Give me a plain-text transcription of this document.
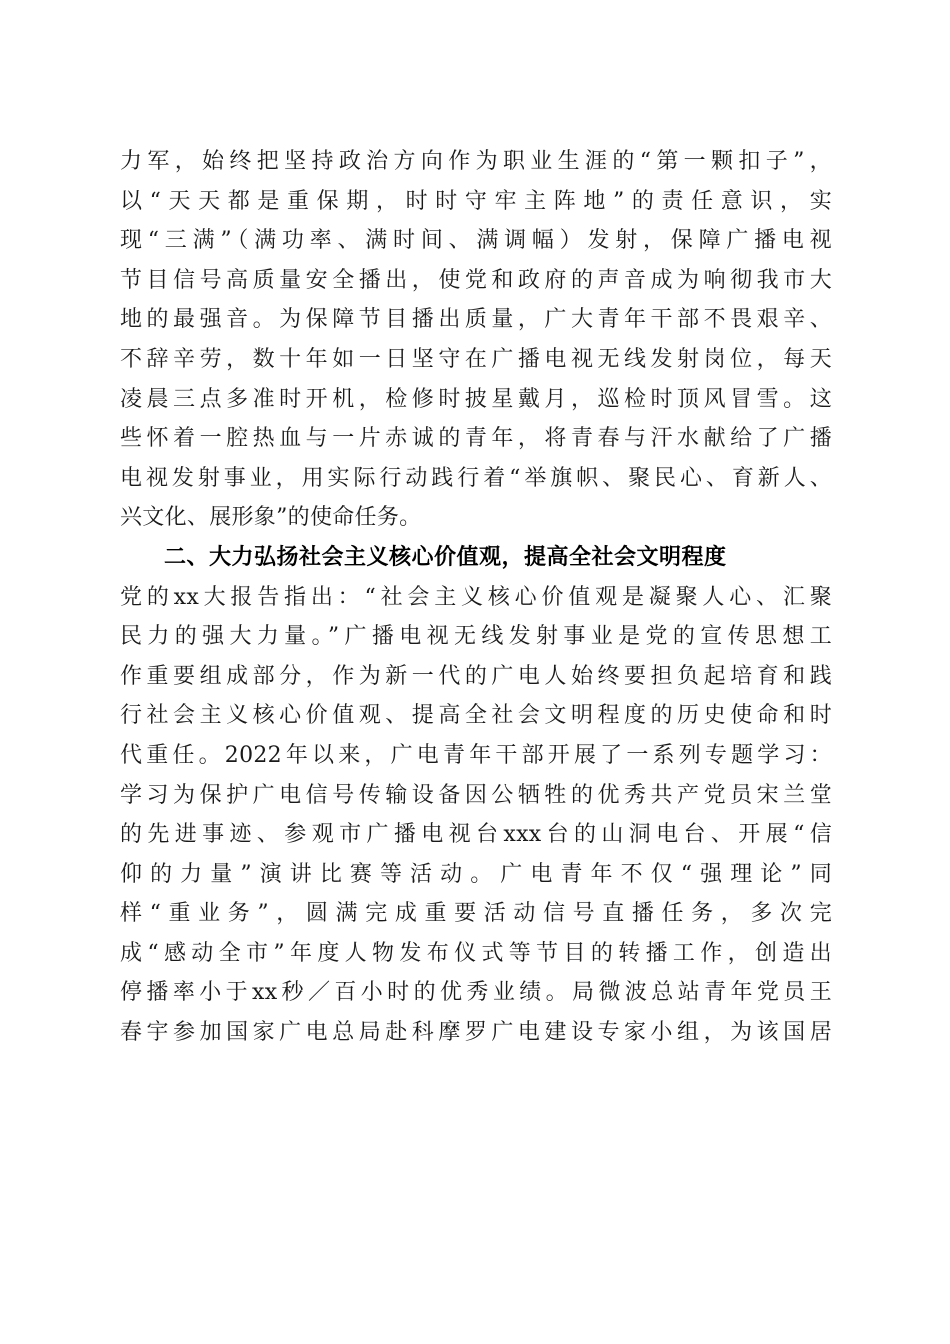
力军，始终把坚持政治方向作为职业生涯的“第一颗扣子”，
以“天天都是重保期，时时守牢主阵地”的责任意识，实
现“三满”（满功率、满时间、满调幅）发射，保障广播电视
节目信号高质量安全播出，使党和政府的声音成为响彻我市大
地的最强音。为保障节目播出质量，广大青年干部不畏艰辛、
不辞辛劳，数十年如一日坚守在广播电视无线发射岗位，每天
凌晨三点多准时开机，检修时披星戴月，巡检时顶风冒雪。这
些怀着一腔热血与一片赤诚的青年，将青春与汗水献给了广播
电视发射事业，用实际行动践行着“举旗帜、聚民心、育新人、
兴文化、展形象”的使命任务。
二、大力弘扬社会主义核心价值观，提高全社会文明程度
党的xx大报告指出：“社会主义核心价值观是凝聚人心、汇聚
民力的强大力量。”广播电视无线发射事业是党的宣传思想工
作重要组成部分，作为新一代的广电人始终要担负起培育和践
行社会主义核心价值观、提高全社会文明程度的历史使命和时
代重任。2022年以来，广电青年干部开展了一系列专题学习：
学习为保护广电信号传输设备因公牺牲的优秀共产党员宋兰堂
的先进事迹、参观市广播电视台xxx台的山洞电台、开展“信
仰的力量”演讲比赛等活动。广电青年不仅“强理论”同
样“重业务”，圆满完成重要活动信号直播任务，多次完
成“感动全市”年度人物发布仪式等节目的转播工作，创造出
停播率小于xx秒／百小时的优秀业绩。局微波总站青年党员王
春宇参加国家广电总局赴科摩罗广电建设专家小组，为该国居
